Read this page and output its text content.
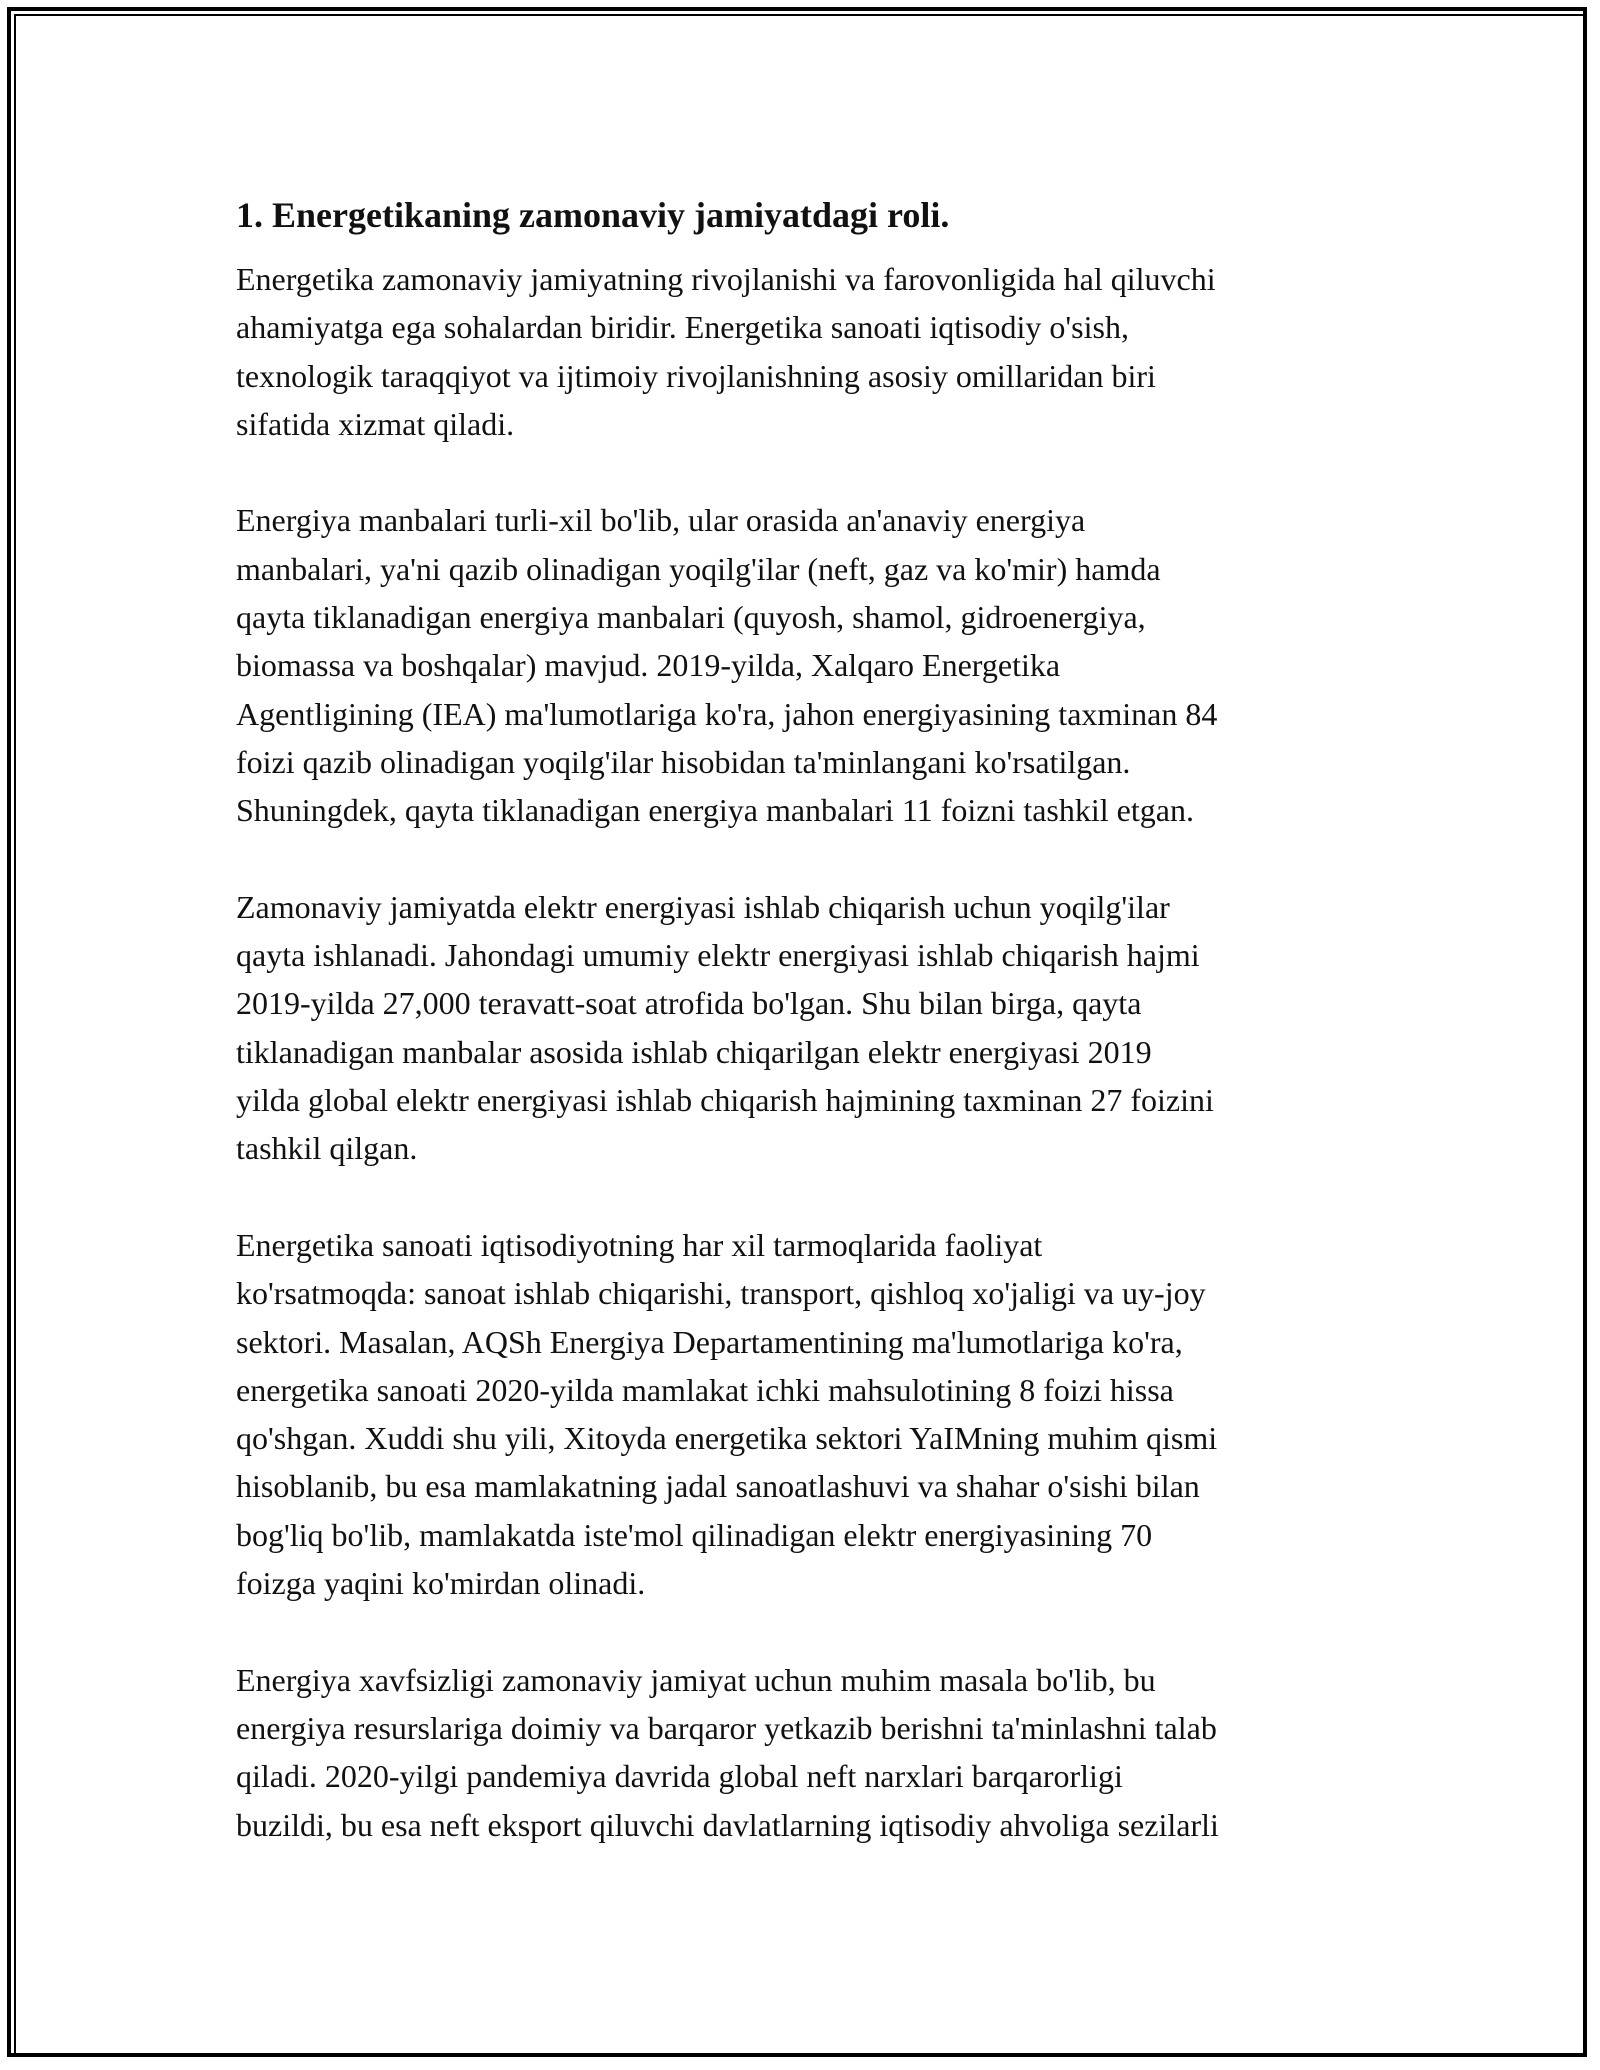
1. Energetikaning zamonaviy jamiyatdagi roli.

Energetika zamonaviy jamiyatning rivojlanishi va farovonligida hal qiluvchi
ahamiyatga ega sohalardan biridir. Energetika sanoati iqtisodiy o'sish,
texnologik taraqqiyot va ijtimoiy rivojlanishning asosiy omillaridan biri
sifatida xizmat qiladi.

Energiya manbalari turli-xil bo'lib, ular orasida an'anaviy energiya
manbalari, ya'ni qazib olinadigan yoqilg'ilar (neft, gaz va ko'mir) hamda
qayta tiklanadigan energiya manbalari (quyosh, shamol, gidroenergiya,
biomassa va boshqalar) mavjud. 2019-yilda, Xalqaro Energetika
Agentligining (IEA) ma'lumotlariga ko'ra, jahon energiyasining taxminan 84
foizi qazib olinadigan yoqilg'ilar hisobidan ta'minlangani ko'rsatilgan.
Shuningdek, qayta tiklanadigan energiya manbalari 11 foizni tashkil etgan.

Zamonaviy jamiyatda elektr energiyasi ishlab chiqarish uchun yoqilg'ilar
qayta ishlanadi. Jahondagi umumiy elektr energiyasi ishlab chiqarish hajmi
2019-yilda 27,000 teravatt-soat atrofida bo'lgan. Shu bilan birga, qayta
tiklanadigan manbalar asosida ishlab chiqarilgan elektr energiyasi 2019
yilda global elektr energiyasi ishlab chiqarish hajmining taxminan 27 foizini
tashkil qilgan.

Energetika sanoati iqtisodiyotning har xil tarmoqlarida faoliyat
ko'rsatmoqda: sanoat ishlab chiqarishi, transport, qishloq xo'jaligi va uy-joy
sektori. Masalan, AQSh Energiya Departamentining ma'lumotlariga ko'ra,
energetika sanoati 2020-yilda mamlakat ichki mahsulotining 8 foizi hissa
qo'shgan. Xuddi shu yili, Xitoyda energetika sektori YaIMning muhim qismi
hisoblanib, bu esa mamlakatning jadal sanoatlashuvi va shahar o'sishi bilan
bog'liq bo'lib, mamlakatda iste'mol qilinadigan elektr energiyasining 70
foizga yaqini ko'mirdan olinadi.

Energiya xavfsizligi zamonaviy jamiyat uchun muhim masala bo'lib, bu
energiya resurslariga doimiy va barqaror yetkazib berishni ta'minlashni talab
qiladi. 2020-yilgi pandemiya davrida global neft narxlari barqarorligi
buzildi, bu esa neft eksport qiluvchi davlatlarning iqtisodiy ahvoliga sezilarli
